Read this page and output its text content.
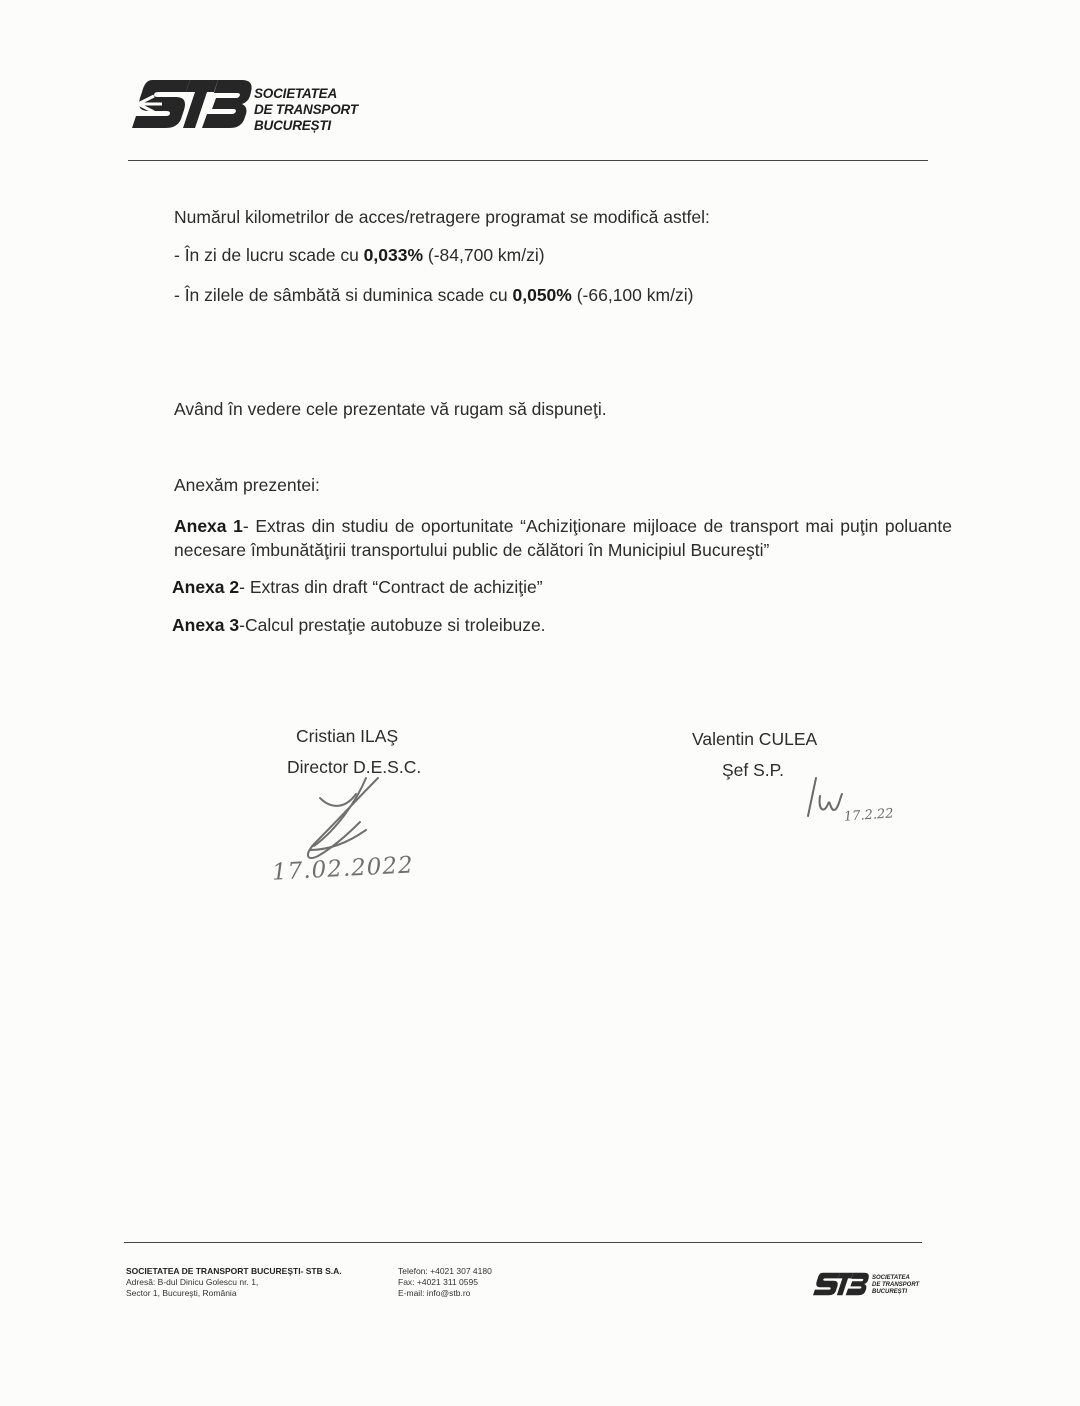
SOCIETATEA
DE TRANSPORT
BUCUREȘTI
Numărul kilometrilor de acces/retragere programat se modifică astfel:
- În zi de lucru scade cu 0,033% (-84,700 km/zi)
- În zilele de sâmbătă si duminica scade cu 0,050% (-66,100 km/zi)
Având în vedere cele prezentate vă rugam să dispuneţi.
Anexăm prezentei:
Anexa 1- Extras din studiu de oportunitate “Achiziţionare mijloace de transport mai puţin poluante necesare îmbunătăţirii transportului public de călători în Municipiul Bucureşti”
Anexa 2- Extras din draft “Contract de achiziţie”
Anexa 3-Calcul prestaţie autobuze si troleibuze.
Cristian ILAŞ
Director D.E.S.C.
17.02.2022
Valentin CULEA
Şef S.P.
17.2.22
SOCIETATEA DE TRANSPORT BUCUREŞTI- STB S.A.
Adresă: B-dul Dinicu Golescu nr. 1,
Sector 1, Bucureşti, România
Telefon: +4021 307 4180
Fax: +4021 311 0595
E-mail: info@stb.ro
SOCIETATEA
DE TRANSPORT
BUCUREȘTI
